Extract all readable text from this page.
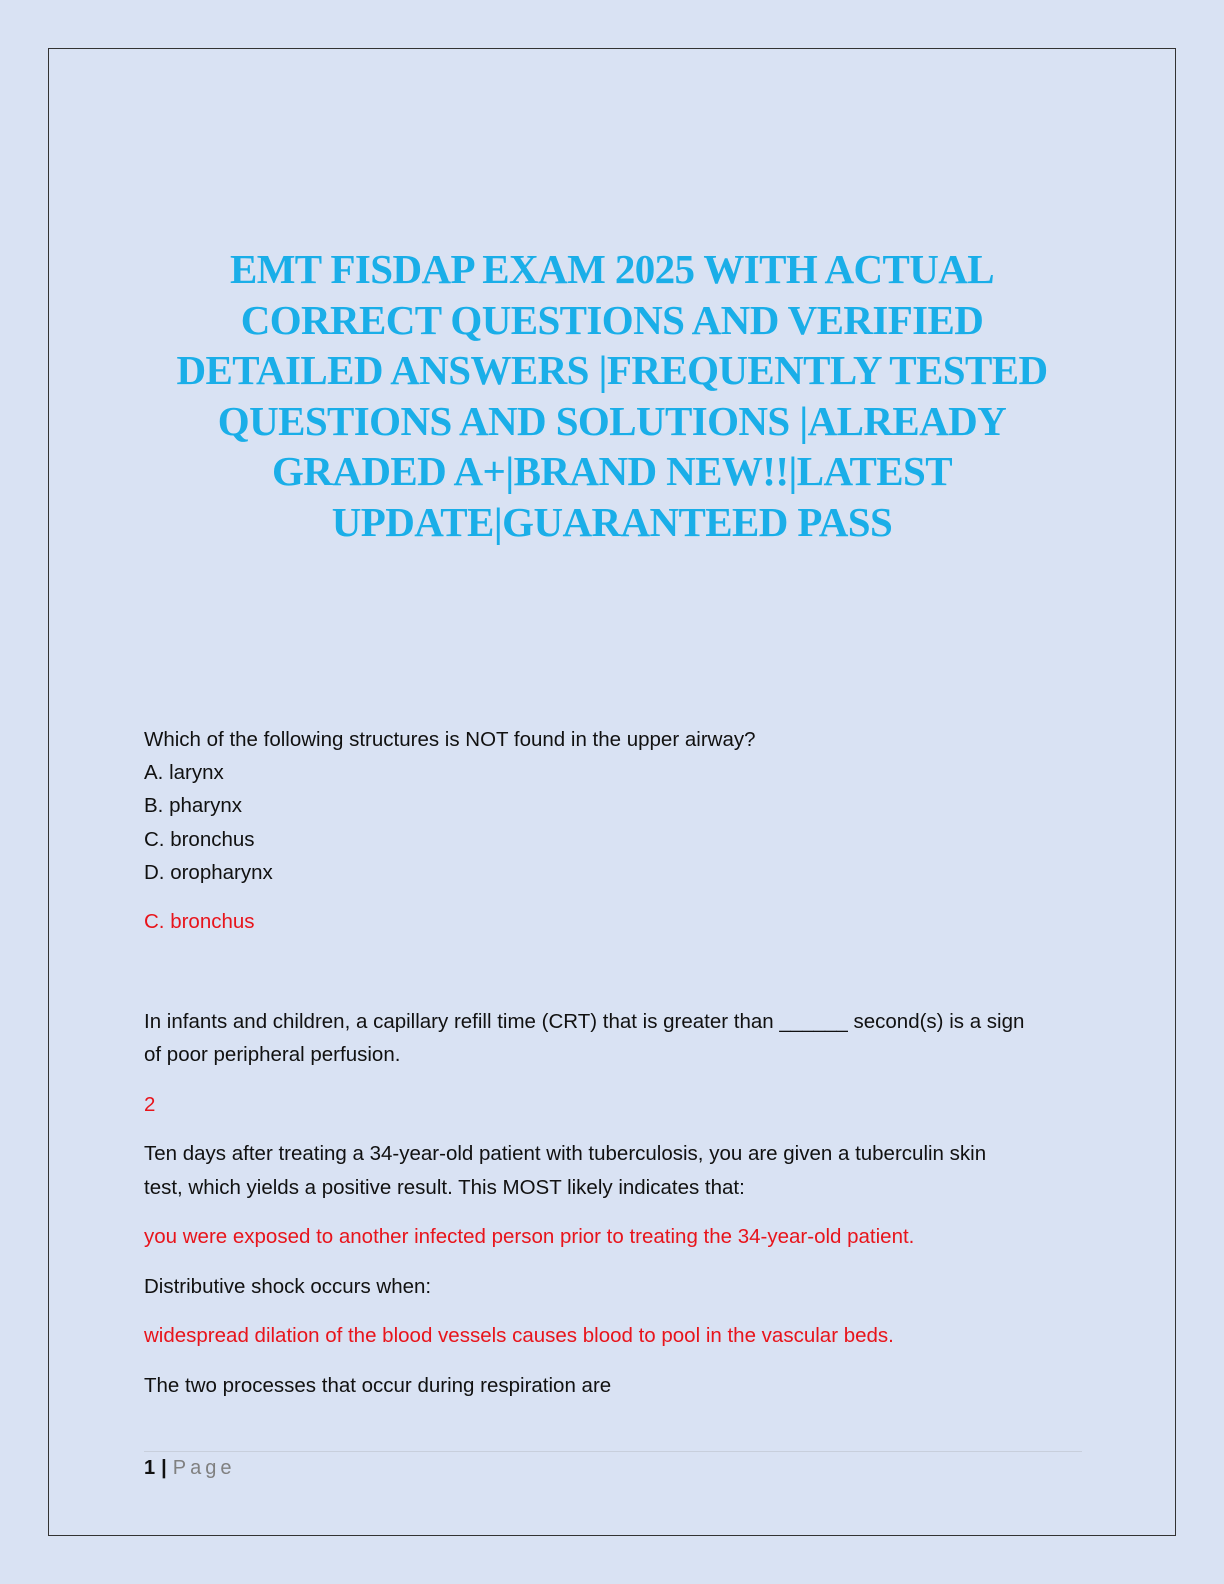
EMT FISDAP EXAM 2025 WITH ACTUAL
CORRECT QUESTIONS AND VERIFIED
DETAILED ANSWERS |FREQUENTLY TESTED
QUESTIONS AND SOLUTIONS |ALREADY
GRADED A+|BRAND NEW!!|LATEST
UPDATE|GUARANTEED PASS
Which of the following structures is NOT found in the upper airway?
A. larynx
B. pharynx
C. bronchus
D. oropharynx
C. bronchus
In infants and children, a capillary refill time (CRT) that is greater than ______ second(s) is a sign
of poor peripheral perfusion.
2
Ten days after treating a 34-year-old patient with tuberculosis, you are given a tuberculin skin
test, which yields a positive result. This MOST likely indicates that:
you were exposed to another infected person prior to treating the 34-year-old patient.
Distributive shock occurs when:
widespread dilation of the blood vessels causes blood to pool in the vascular beds.
The two processes that occur during respiration are
1 | Page
